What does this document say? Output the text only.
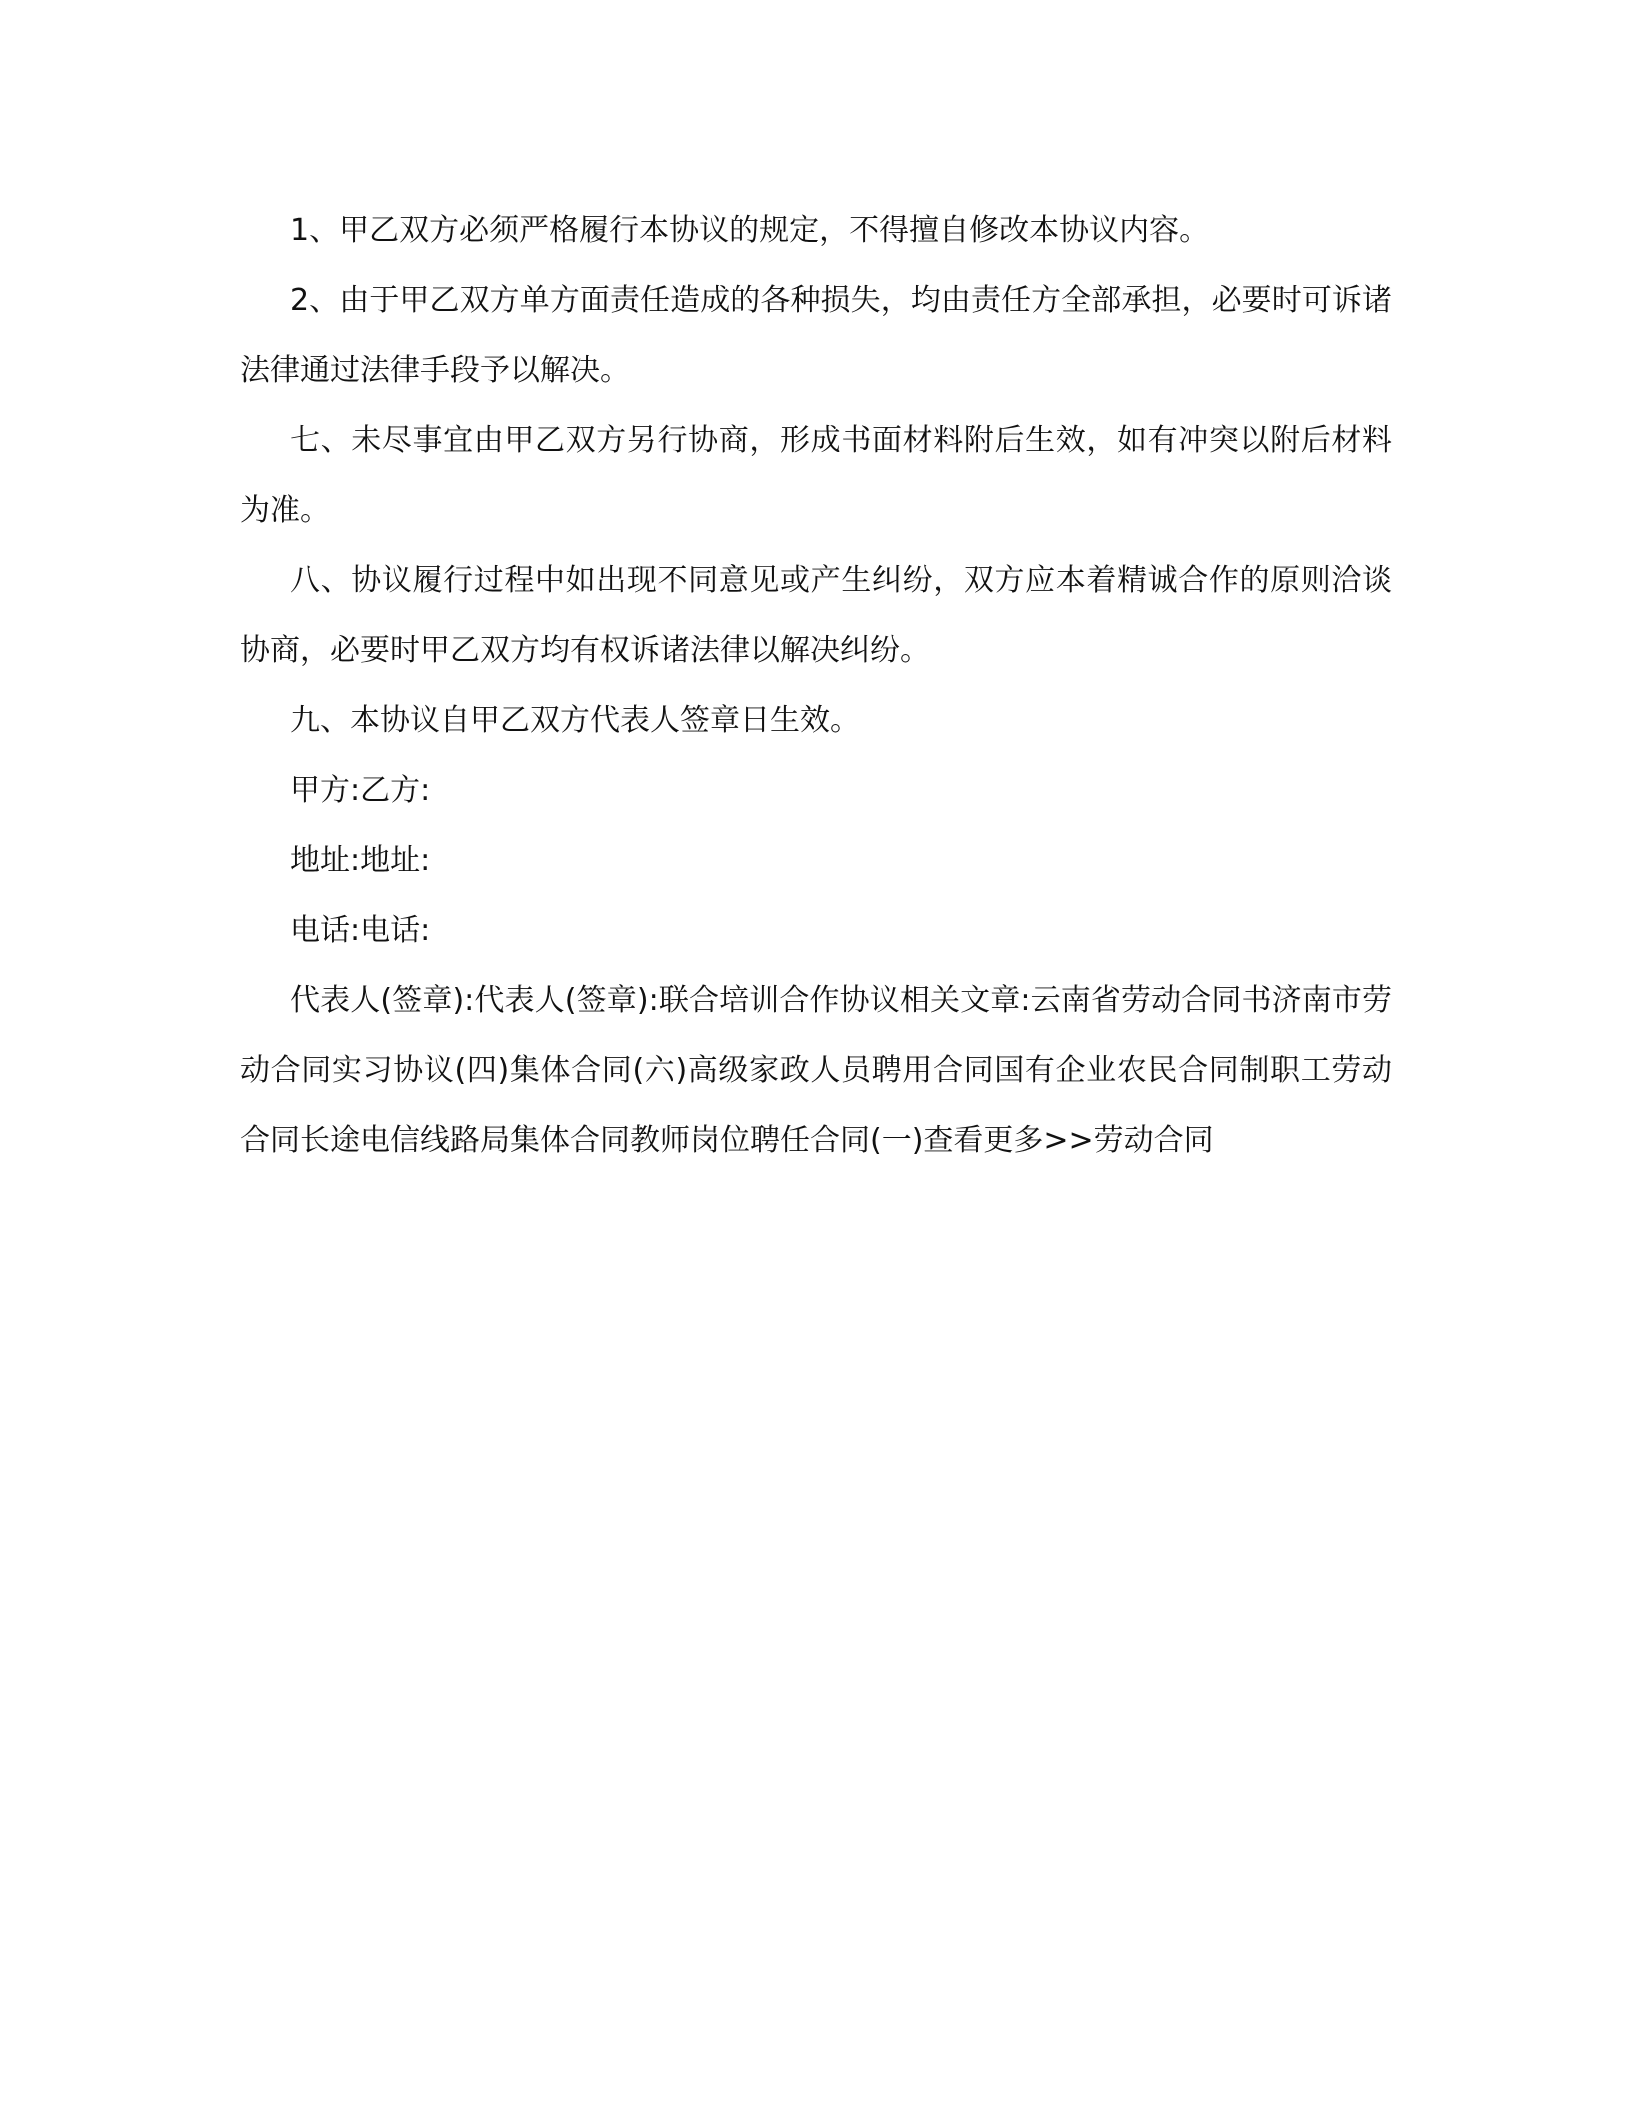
1、甲乙双方必须严格履行本协议的规定，不得擅自修改本协议内容。

2、由于甲乙双方单方面责任造成的各种损失，均由责任方全部承担，必要时可诉诸法律通过法律手段予以解决。

七、未尽事宜由甲乙双方另行协商，形成书面材料附后生效，如有冲突以附后材料为准。

八、协议履行过程中如出现不同意见或产生纠纷，双方应本着精诚合作的原则洽谈协商，必要时甲乙双方均有权诉诸法律以解决纠纷。

九、本协议自甲乙双方代表人签章日生效。

甲方:乙方:

地址:地址:

电话:电话:

代表人(签章):代表人(签章):联合培训合作协议相关文章:云南省劳动合同书济南市劳动合同实习协议(四)集体合同(六)高级家政人员聘用合同国有企业农民合同制职工劳动合同长途电信线路局集体合同教师岗位聘任合同(一)查看更多>>劳动合同
